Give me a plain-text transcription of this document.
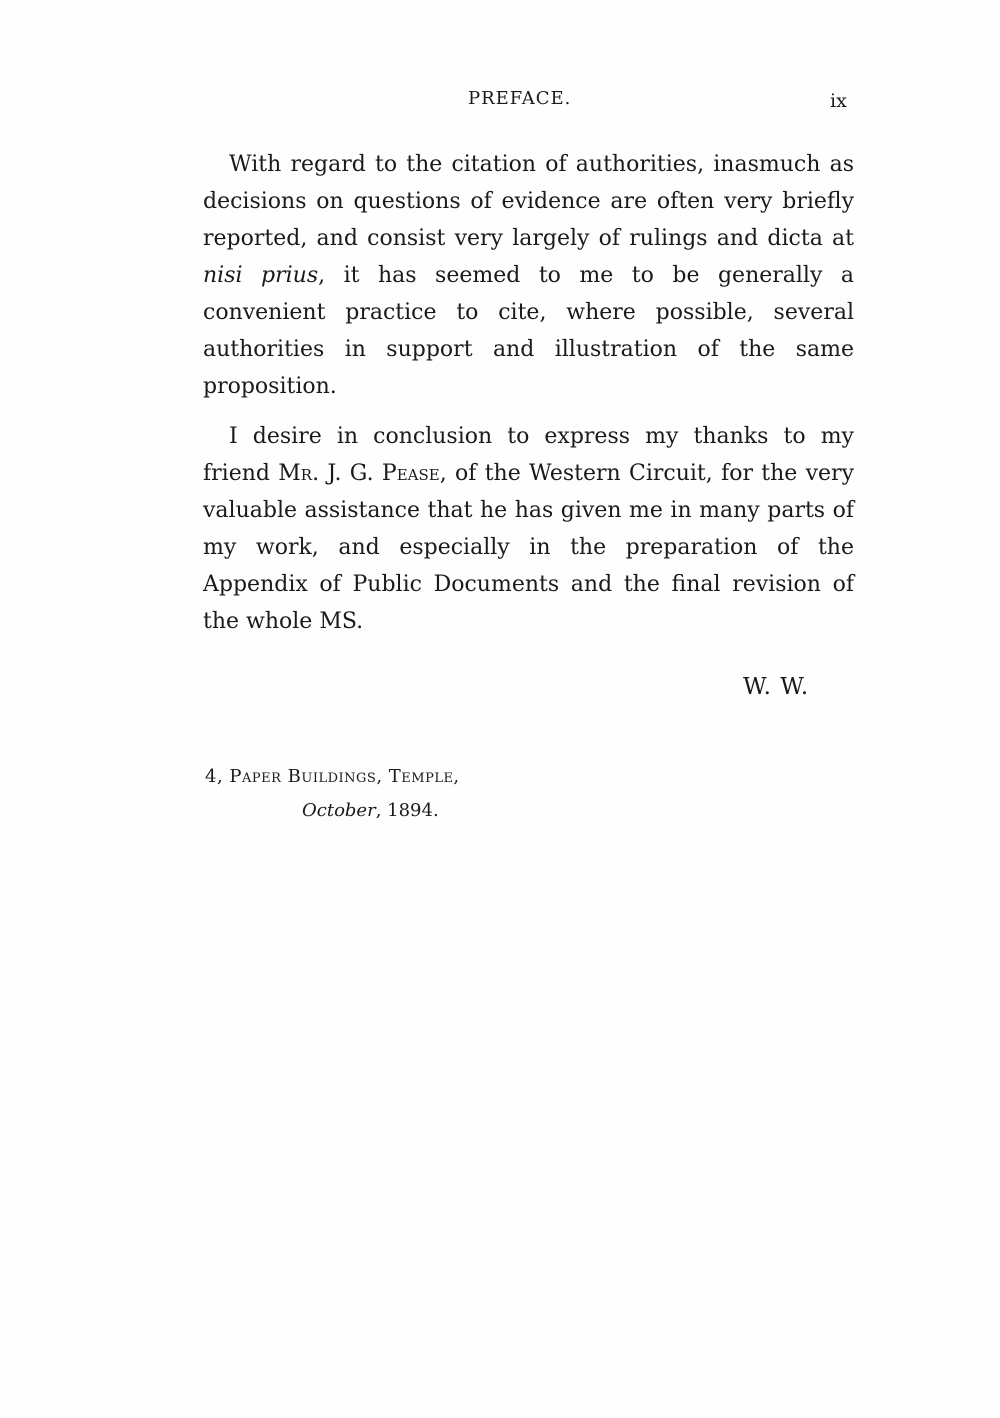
PREFACE.	ix

With regard to the citation of authorities, inasmuch as decisions on questions of evidence are often very briefly reported, and consist very largely of rulings and dicta at nisi prius, it has seemed to me to be generally a convenient practice to cite, where possible, several authorities in support and illustration of the same proposition.

I desire in conclusion to express my thanks to my friend Mr. J. G. Pease, of the Western Circuit, for the very valuable assistance that he has given me in many parts of my work, and especially in the preparation of the Appendix of Public Documents and the final revision of the whole MS.

W. W.
4, Paper Buildings, Temple,
October, 1894.
